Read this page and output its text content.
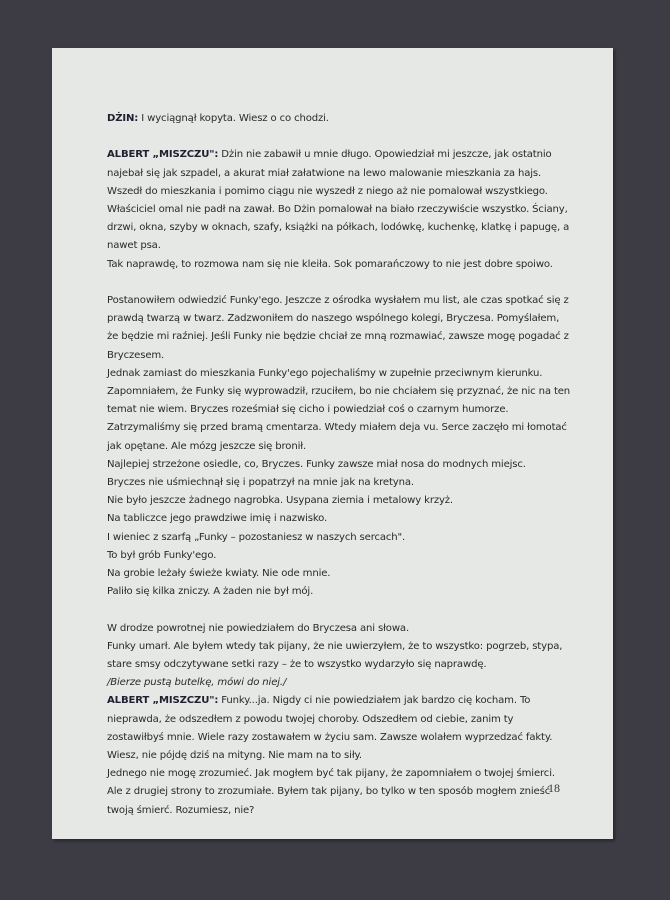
DŻIN: I wyciągnął kopyta. Wiesz o co chodzi.

ALBERT „MISZCZU": Dżin nie zabawił u mnie długo. Opowiedział mi jeszcze, jak ostatnio najebał się jak szpadel, a akurat miał załatwione na lewo malowanie mieszkania za hajs. Wszedł do mieszkania i pomimo ciągu nie wyszedł z niego aż nie pomalował wszystkiego. Właściciel omal nie padł na zawał. Bo Dżin pomalował na biało rzeczywiście wszystko. Ściany, drzwi, okna, szyby w oknach, szafy, książki na półkach, lodówkę, kuchenkę, klatkę i papugę, a nawet psa.

Tak naprawdę, to rozmowa nam się nie kleiła. Sok pomarańczowy to nie jest dobre spoiwo.

Postanowiłem odwiedzić Funky'ego. Jeszcze z ośrodka wysłałem mu list, ale czas spotkać się z prawdą twarzą w twarz. Zadzwoniłem do naszego wspólnego kolegi, Bryczesa. Pomyślałem, że będzie mi raźniej. Jeśli Funky nie będzie chciał ze mną rozmawiać, zawsze mogę pogadać z Bryczesem.

Jednak zamiast do mieszkania Funky'ego pojechaliśmy w zupełnie przeciwnym kierunku.

Zapomniałem, że Funky się wyprowadził, rzuciłem, bo nie chciałem się przyznać, że nic na ten temat nie wiem. Bryczes roześmiał się cicho i powiedział coś o czarnym humorze. Zatrzymaliśmy się przed bramą cmentarza. Wtedy miałem deja vu. Serce zaczęło mi łomotać jak opętane. Ale mózg jeszcze się bronił.

Najlepiej strzeżone osiedle, co, Bryczes. Funky zawsze miał nosa do modnych miejsc.

Bryczes nie uśmiechnął się i popatrzył na mnie jak na kretyna.

Nie było jeszcze żadnego nagrobka. Usypana ziemia i metalowy krzyż.

Na tabliczce jego prawdziwe imię i nazwisko.

I wieniec z szarfą „Funky – pozostaniesz w naszych sercach".

To był grób Funky'ego.

Na grobie leżały świeże kwiaty. Nie ode mnie.

Paliło się kilka zniczy. A żaden nie był mój.

W drodze powrotnej nie powiedziałem do Bryczesa ani słowa.

Funky umarł. Ale byłem wtedy tak pijany, że nie uwierzyłem, że to wszystko: pogrzeb, stypa, stare smsy odczytywane setki razy – że to wszystko wydarzyło się naprawdę.

/Bierze pustą butelkę, mówi do niej./

ALBERT „MISZCZU": Funky...ja. Nigdy ci nie powiedziałem jak bardzo cię kocham. To nieprawda, że odszedłem z powodu twojej choroby. Odszedłem od ciebie, zanim ty zostawiłbyś mnie. Wiele razy zostawałem w życiu sam. Zawsze wolałem wyprzedzać fakty.

Wiesz, nie pójdę dziś na mityng. Nie mam na to siły.

Jednego nie mogę zrozumieć. Jak mogłem być tak pijany, że zapomniałem o twojej śmierci.

Ale z drugiej strony to zrozumiałe. Byłem tak pijany, bo tylko w ten sposób mogłem znieść twoją śmierć. Rozumiesz, nie?

18
